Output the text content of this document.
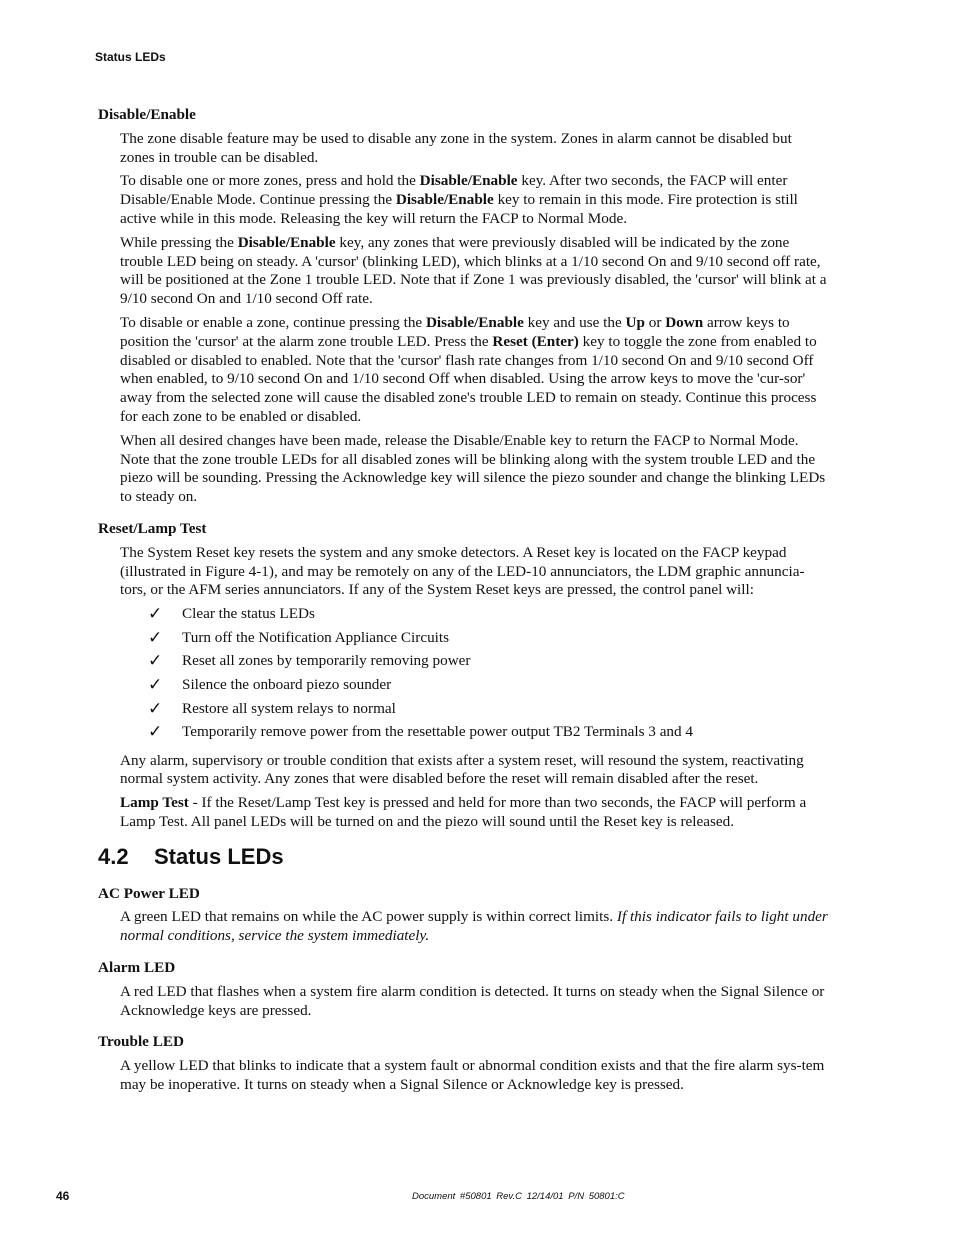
Status LEDs
Disable/Enable

The zone disable feature may be used to disable any zone in the system. Zones in alarm cannot be disabled but zones in trouble can be disabled.

To disable one or more zones, press and hold the Disable/Enable key. After two seconds, the FACP will enter Disable/Enable Mode. Continue pressing the Disable/Enable key to remain in this mode. Fire protection is still active while in this mode. Releasing the key will return the FACP to Normal Mode.

While pressing the Disable/Enable key, any zones that were previously disabled will be indicated by the zone trouble LED being on steady. A 'cursor' (blinking LED), which blinks at a 1/10 second On and 9/10 second off rate, will be positioned at the Zone 1 trouble LED. Note that if Zone 1 was previously disabled, the 'cursor' will blink at a 9/10 second On and 1/10 second Off rate.

To disable or enable a zone, continue pressing the Disable/Enable key and use the Up or Down arrow keys to position the 'cursor' at the alarm zone trouble LED. Press the Reset (Enter) key to toggle the zone from enabled to disabled or disabled to enabled. Note that the 'cursor' flash rate changes from 1/10 second On and 9/10 second Off when enabled, to 9/10 second On and 1/10 second Off when disabled. Using the arrow keys to move the 'cur-sor' away from the selected zone will cause the disabled zone's trouble LED to remain on steady. Continue this process for each zone to be enabled or disabled.

When all desired changes have been made, release the Disable/Enable key to return the FACP to Normal Mode. Note that the zone trouble LEDs for all disabled zones will be blinking along with the system trouble LED and the piezo will be sounding. Pressing the Acknowledge key will silence the piezo sounder and change the blinking LEDs to steady on.

Reset/Lamp Test

The System Reset key resets the system and any smoke detectors. A Reset key is located on the FACP keypad (illustrated in Figure 4-1), and may be remotely on any of the LED-10 annunciators, the LDM graphic annuncia-tors, or the AFM series annunciators. If any of the System Reset keys are pressed, the control panel will:

✓ Clear the status LEDs
✓ Turn off the Notification Appliance Circuits
✓ Reset all zones by temporarily removing power
✓ Silence the onboard piezo sounder
✓ Restore all system relays to normal
✓ Temporarily remove power from the resettable power output TB2 Terminals 3 and 4

Any alarm, supervisory or trouble condition that exists after a system reset, will resound the system, reactivating normal system activity. Any zones that were disabled before the reset will remain disabled after the reset.

Lamp Test - If the Reset/Lamp Test key is pressed and held for more than two seconds, the FACP will perform a Lamp Test. All panel LEDs will be turned on and the piezo will sound until the Reset key is released.

4.2 Status LEDs
AC Power LED

A green LED that remains on while the AC power supply is within correct limits. If this indicator fails to light under normal conditions, service the system immediately.

Alarm LED

A red LED that flashes when a system fire alarm condition is detected. It turns on steady when the Signal Silence or Acknowledge keys are pressed.

Trouble LED

A yellow LED that blinks to indicate that a system fault or abnormal condition exists and that the fire alarm sys-tem may be inoperative. It turns on steady when a Signal Silence or Acknowledge key is pressed.

46	Document #50801 Rev.C 12/14/01 P/N 50801:C
